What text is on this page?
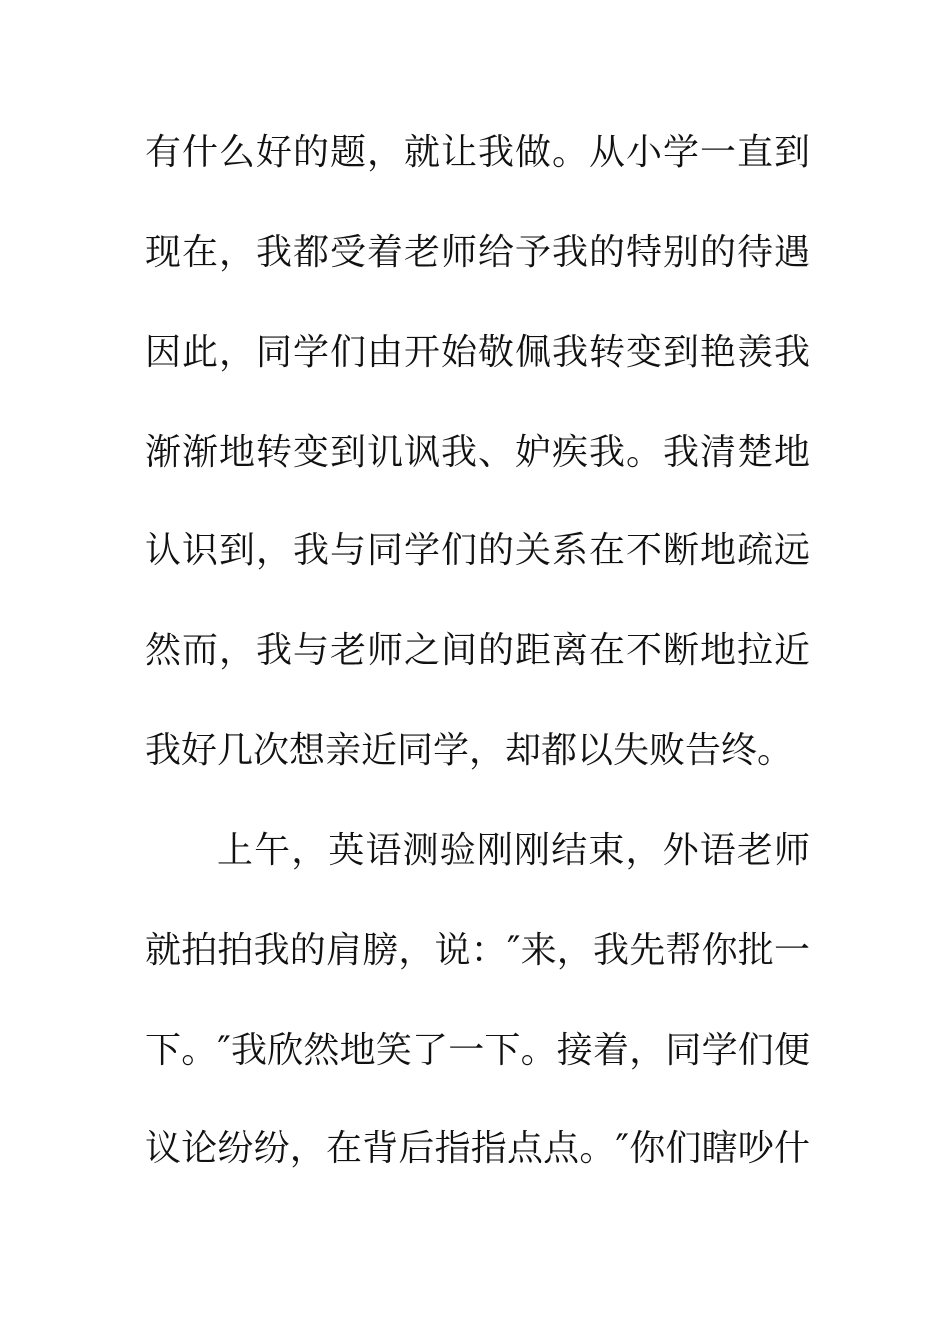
有什么好的题，就让我做。从小学一直到
现在，我都受着老师给予我的特别的待遇
因此，同学们由开始敬佩我转变到艳羡我
渐渐地转变到讥讽我、妒疾我。我清楚地
认识到，我与同学们的关系在不断地疏远
然而，我与老师之间的距离在不断地拉近
我好几次想亲近同学，却都以失败告终。
上午，英语测验刚刚结束，外语老师
就拍拍我的肩膀，说：″来，我先帮你批一
下。″我欣然地笑了一下。接着，同学们便
议论纷纷，在背后指指点点。″你们瞎吵什
